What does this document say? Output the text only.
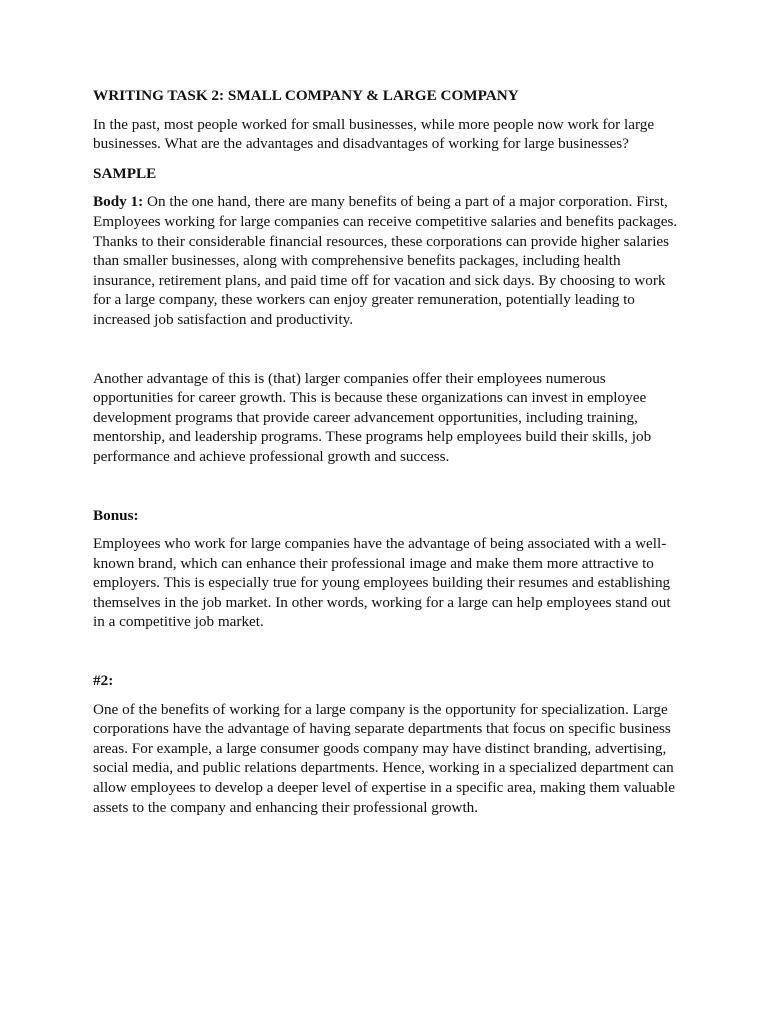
WRITING TASK 2: SMALL COMPANY & LARGE COMPANY

In the past, most people worked for small businesses, while more people now work for large businesses. What are the advantages and disadvantages of working for large businesses?

SAMPLE

Body 1: On the one hand, there are many benefits of being a part of a major corporation. First, Employees working for large companies can receive competitive salaries and benefits packages. Thanks to their considerable financial resources, these corporations can provide higher salaries than smaller businesses, along with comprehensive benefits packages, including health insurance, retirement plans, and paid time off for vacation and sick days. By choosing to work for a large company, these workers can enjoy greater remuneration, potentially leading to increased job satisfaction and productivity.

Another advantage of this is (that) larger companies offer their employees numerous opportunities for career growth. This is because these organizations can invest in employee development programs that provide career advancement opportunities, including training, mentorship, and leadership programs. These programs help employees build their skills, job performance and achieve professional growth and success.

Bonus:

Employees who work for large companies have the advantage of being associated with a well-known brand, which can enhance their professional image and make them more attractive to employers. This is especially true for young employees building their resumes and establishing themselves in the job market. In other words, working for a large can help employees stand out in a competitive job market.

#2:

One of the benefits of working for a large company is the opportunity for specialization. Large corporations have the advantage of having separate departments that focus on specific business areas. For example, a large consumer goods company may have distinct branding, advertising, social media, and public relations departments. Hence, working in a specialized department can allow employees to develop a deeper level of expertise in a specific area, making them valuable assets to the company and enhancing their professional growth.
